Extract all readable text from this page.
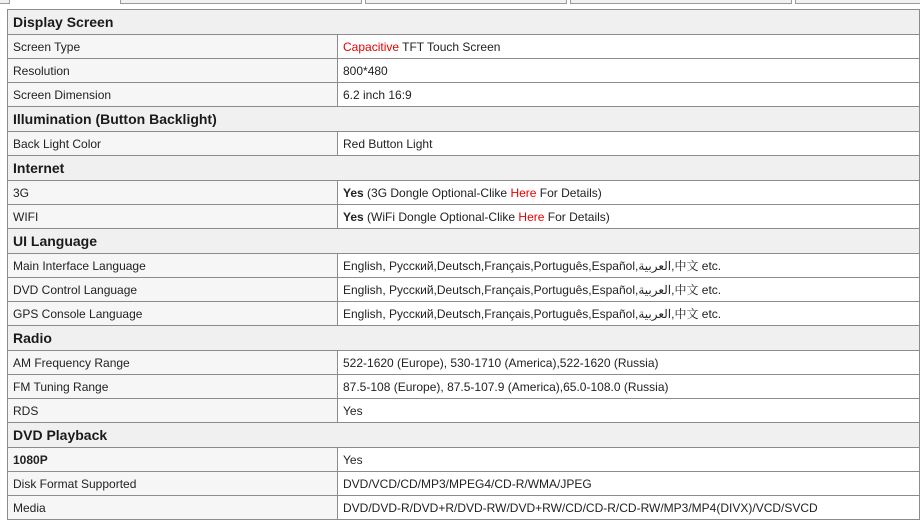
Display Screen	
Screen Type	Capacitive TFT Touch Screen
Resolution	800*480
Screen Dimension	6.2 inch 16:9
Illumination (Button Backlight)	
Back Light Color	Red Button Light
Internet	
3G	Yes (3G Dongle Optional-Clike Here For Details)
WIFI	Yes (WiFi Dongle Optional-Clike Here For Details)
UI Language	
Main Interface Language	English, Русский,Deutsch,Français,Português,Español,العربية,中文 etc.
DVD Control Language	English, Русский,Deutsch,Français,Português,Español,العربية,中文 etc.
GPS Console Language	English, Русский,Deutsch,Français,Português,Español,العربية,中文 etc.
Radio	
AM Frequency Range	522-1620 (Europe), 530-1710 (America),522-1620 (Russia)
FM Tuning Range	87.5-108 (Europe), 87.5-107.9 (America),65.0-108.0 (Russia)
RDS	Yes
DVD Playback	
1080P	Yes
Disk Format Supported	DVD/VCD/CD/MP3/MPEG4/CD-R/WMA/JPEG
Media	DVD/DVD-R/DVD+R/DVD-RW/DVD+RW/CD/CD-R/CD-RW/MP3/MP4(DIVX)/VCD/SVCD
